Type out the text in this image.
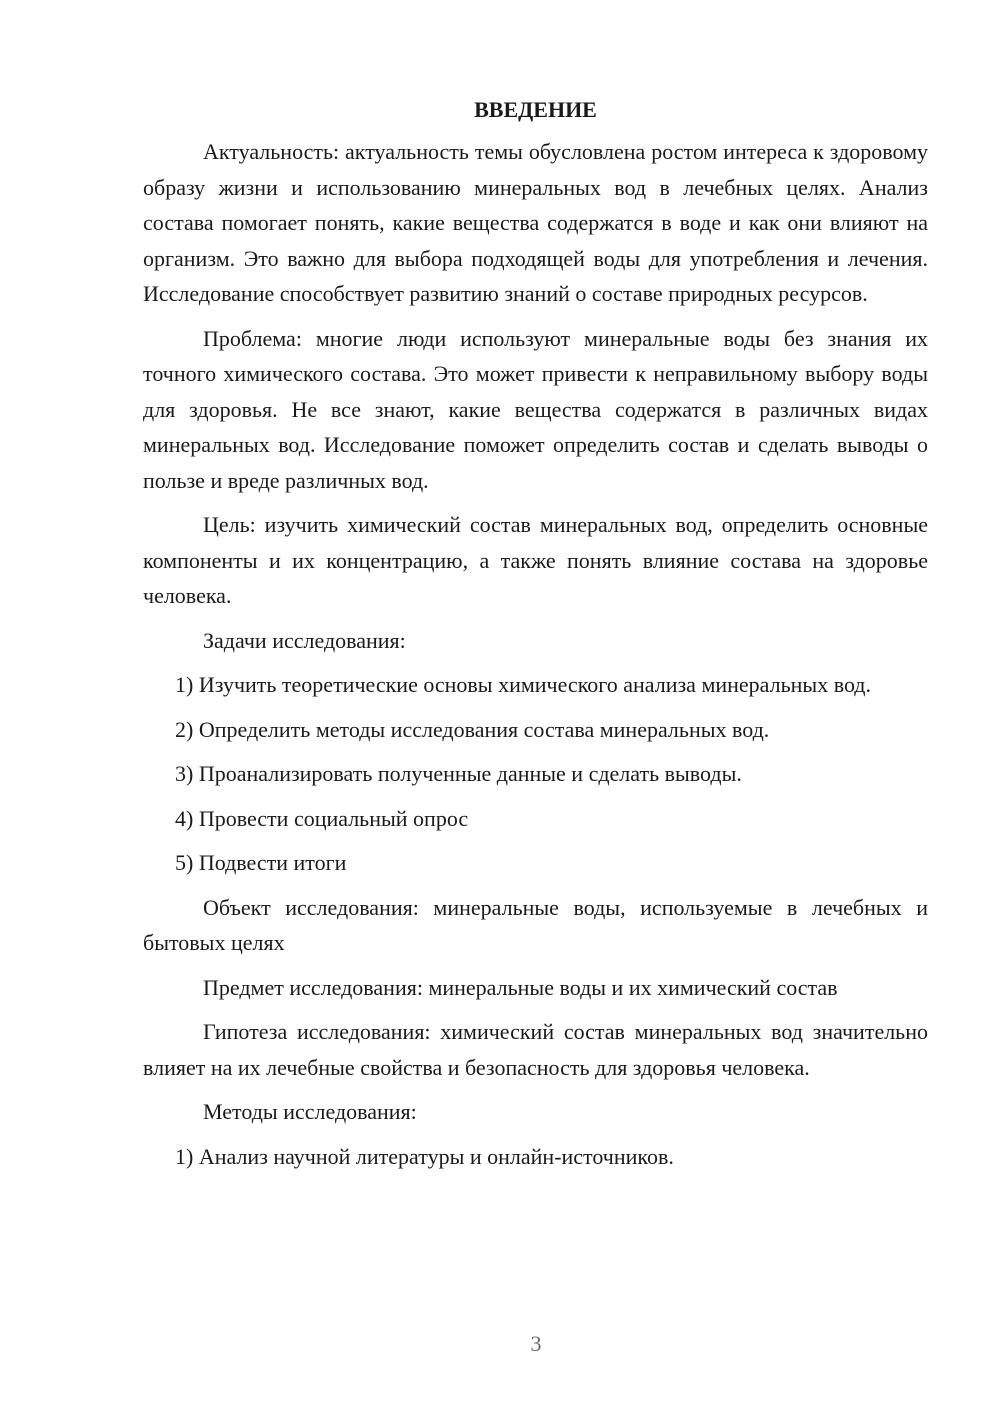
ВВЕДЕНИЕ

Актуальность: актуальность темы обусловлена ростом интереса к здоровому образу жизни и использованию минеральных вод в лечебных целях. Анализ состава помогает понять, какие вещества содержатся в воде и как они влияют на организм. Это важно для выбора подходящей воды для употребления и лечения. Исследование способствует развитию знаний о составе природных ресурсов.

Проблема: многие люди используют минеральные воды без знания их точного химического состава. Это может привести к неправильному выбору воды для здоровья. Не все знают, какие вещества содержатся в различных видах минеральных вод. Исследование поможет определить состав и сделать выводы о пользе и вреде различных вод.

Цель: изучить химический состав минеральных вод, определить основные компоненты и их концентрацию, а также понять влияние состава на здоровье человека.

Задачи исследования:

1) Изучить теоретические основы химического анализа минеральных вод.

2) Определить методы исследования состава минеральных вод.

3) Проанализировать полученные данные и сделать выводы.

4) Провести социальный опрос

5) Подвести итоги

Объект исследования: минеральные воды, используемые в лечебных и бытовых целях

Предмет исследования: минеральные воды и их химический состав

Гипотеза исследования: химический состав минеральных вод значительно влияет на их лечебные свойства и безопасность для здоровья человека.

Методы исследования:

1) Анализ научной литературы и онлайн-источников.

3
